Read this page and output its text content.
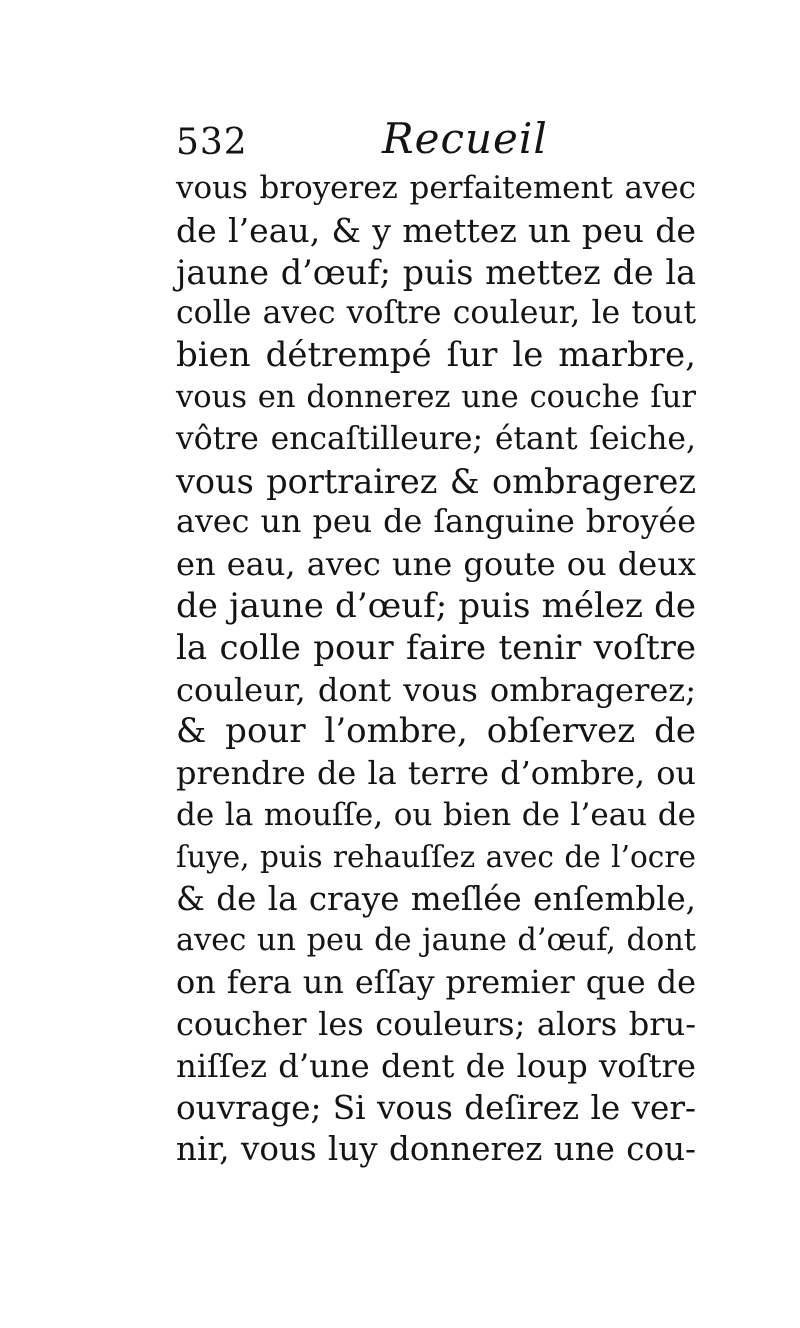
532	Recueil
vous broyerez perfaitement avec
de l’eau, & y mettez un peu de
jaune d’œuf; puis mettez de la
colle avec voſtre couleur, le tout
bien détrempé ſur le marbre,
vous en donnerez une couche ſur
vôtre encaſtilleure; étant ſeiche,
vous portrairez & ombragerez
avec un peu de ſanguine broyée
en eau, avec une goute ou deux
de jaune d’œuf; puis mélez de
la colle pour faire tenir voſtre
couleur, dont vous ombragerez;
& pour l’ombre, obſervez de
prendre de la terre d’ombre, ou
de la mouſſe, ou bien de l’eau de
ſuye, puis rehauſſez avec de l’ocre
& de la craye meſlée enſemble,
avec un peu de jaune d’œuf, dont
on fera un eſſay premier que de
coucher les couleurs; alors bru-
niſſez d’une dent de loup voſtre
ouvrage; Si vous deſirez le ver-
nir, vous luy donnerez une cou-
